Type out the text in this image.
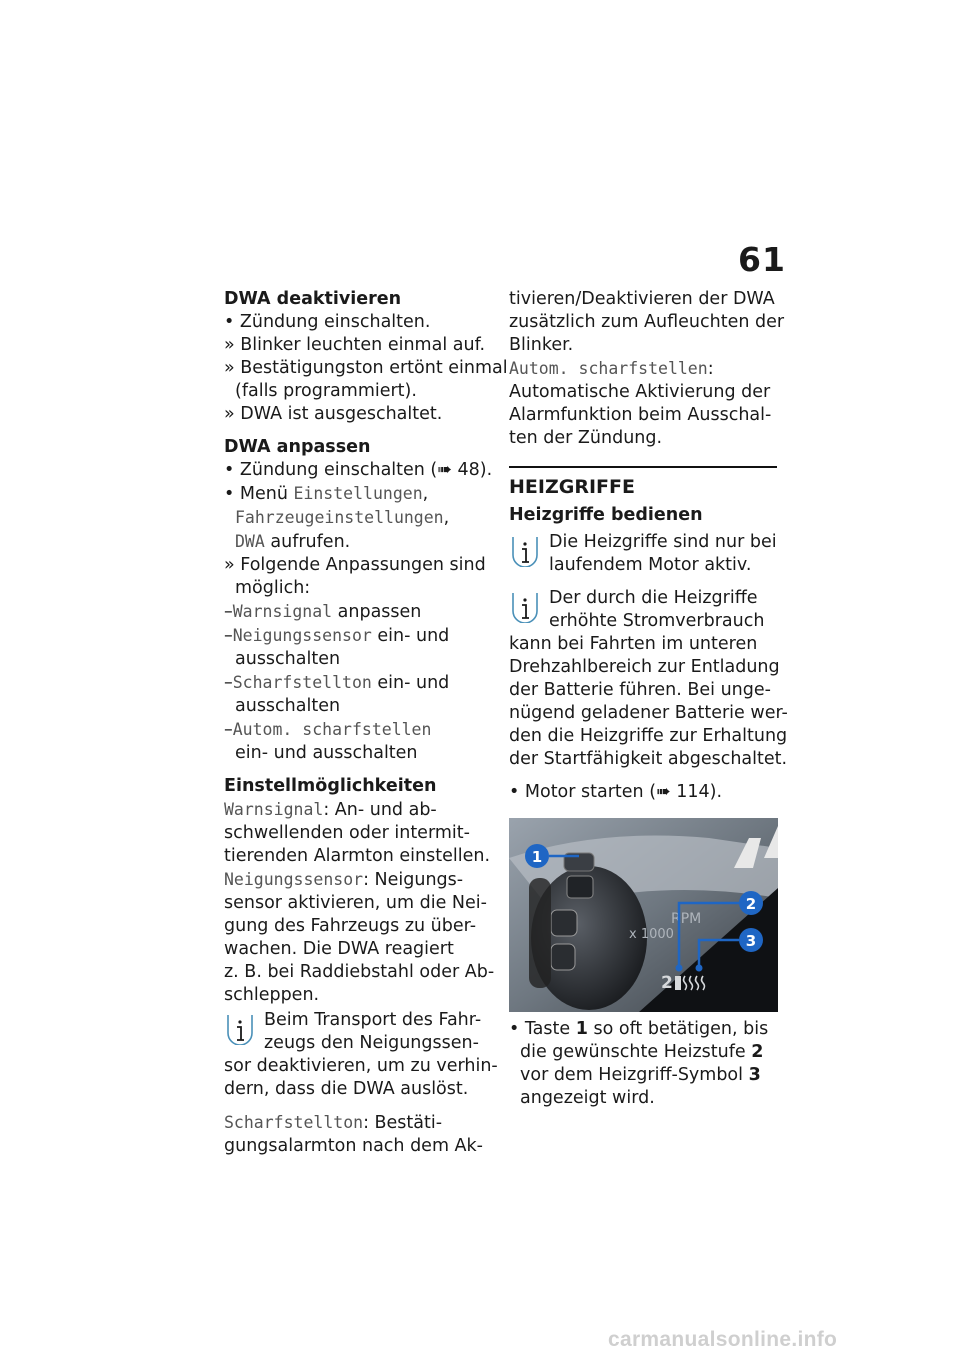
61
DWA deaktivieren
• Zündung einschalten.
» Blinker leuchten einmal auf.
» Bestätigungston ertönt einmal
(falls programmiert).
» DWA ist ausgeschaltet.
DWA anpassen
• Zündung einschalten (➠ 48).
• Menü Einstellungen,
Fahrzeugeinstellungen,
DWA aufrufen.
» Folgende Anpassungen sind
möglich:
–Warnsignal anpassen
–Neigungssensor ein- und
ausschalten
–Scharfstellton ein- und
ausschalten
–Autom. scharfstellen
ein- und ausschalten
Einstellmöglichkeiten
Warnsignal: An- und ab-
schwellenden oder intermit-
tierenden Alarmton einstellen.
Neigungssensor: Neigungs-
sensor aktivieren, um die Nei-
gung des Fahrzeugs zu über-
wachen. Die DWA reagiert
z. B. bei Raddiebstahl oder Ab-
schleppen.
Beim Transport des Fahr-
zeugs den Neigungssen-
sor deaktivieren, um zu verhin-
dern, dass die DWA auslöst.
Scharfstellton: Bestäti-
gungsalarmton nach dem Ak-
tivieren/Deaktivieren der DWA
zusätzlich zum Aufleuchten der
Blinker.
Autom. scharfstellen:
Automatische Aktivierung der
Alarmfunktion beim Ausschal-
ten der Zündung.
HEIZGRIFFE
Heizgriffe bedienen
Die Heizgriffe sind nur bei
laufendem Motor aktiv.
Der durch die Heizgriffe
erhöhte Stromverbrauch
kann bei Fahrten im unteren
Drehzahlbereich zur Entladung
der Batterie führen. Bei unge-
nügend geladener Batterie wer-
den die Heizgriffe zur Erhaltung
der Startfähigkeit abgeschaltet.
• Motor starten (➠ 114).
1
RPM
x 1000
2
3
2
• Taste 1 so oft betätigen, bis
die gewünschte Heizstufe 2
vor dem Heizgriff-Symbol 3
angezeigt wird.
carmanualsonline.info
